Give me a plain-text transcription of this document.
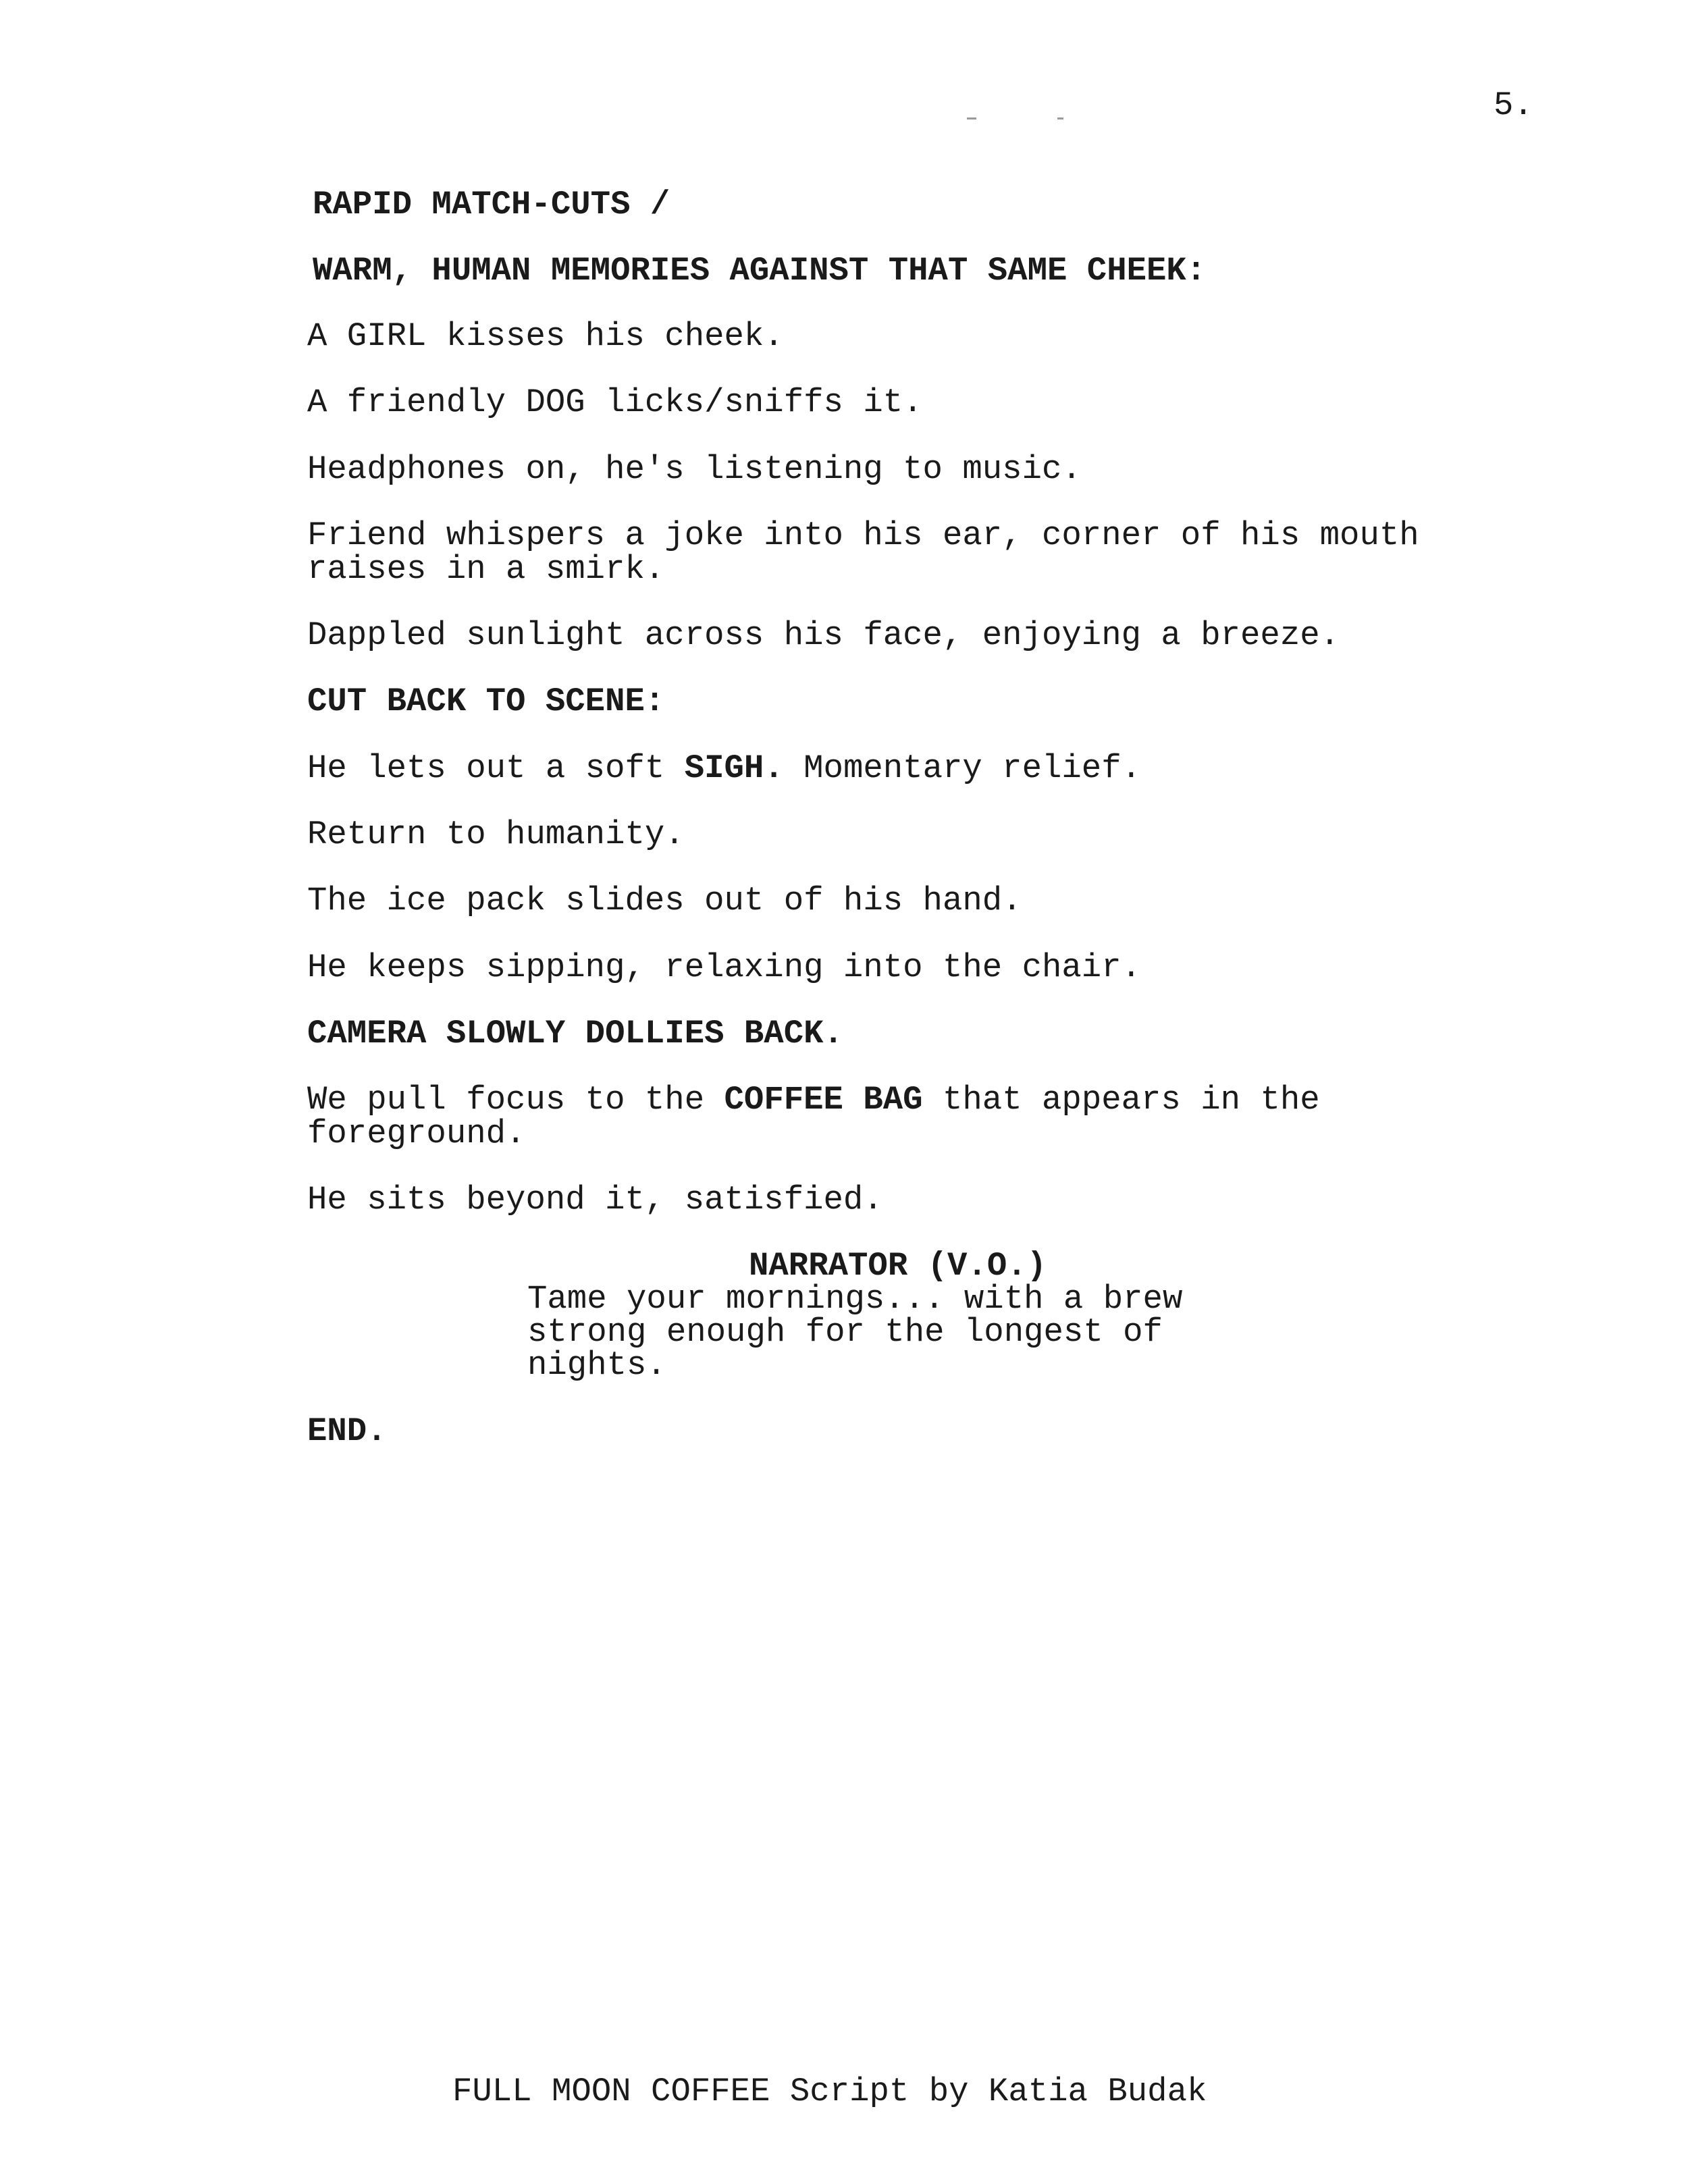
5.

RAPID MATCH-CUTS /

WARM, HUMAN MEMORIES AGAINST THAT SAME CHEEK:

A GIRL kisses his cheek.

A friendly DOG licks/sniffs it.

Headphones on, he's listening to music.

Friend whispers a joke into his ear, corner of his mouth

raises in a smirk.

Dappled sunlight across his face, enjoying a breeze.

CUT BACK TO SCENE:

He lets out a soft SIGH. Momentary relief.

Return to humanity.

The ice pack slides out of his hand.

He keeps sipping, relaxing into the chair.

CAMERA SLOWLY DOLLIES BACK.

We pull focus to the COFFEE BAG that appears in the

foreground.

He sits beyond it, satisfied.

NARRATOR (V.O.)

Tame your mornings... with a brew

strong enough for the longest of

nights.

END.

FULL MOON COFFEE Script by Katia Budak
